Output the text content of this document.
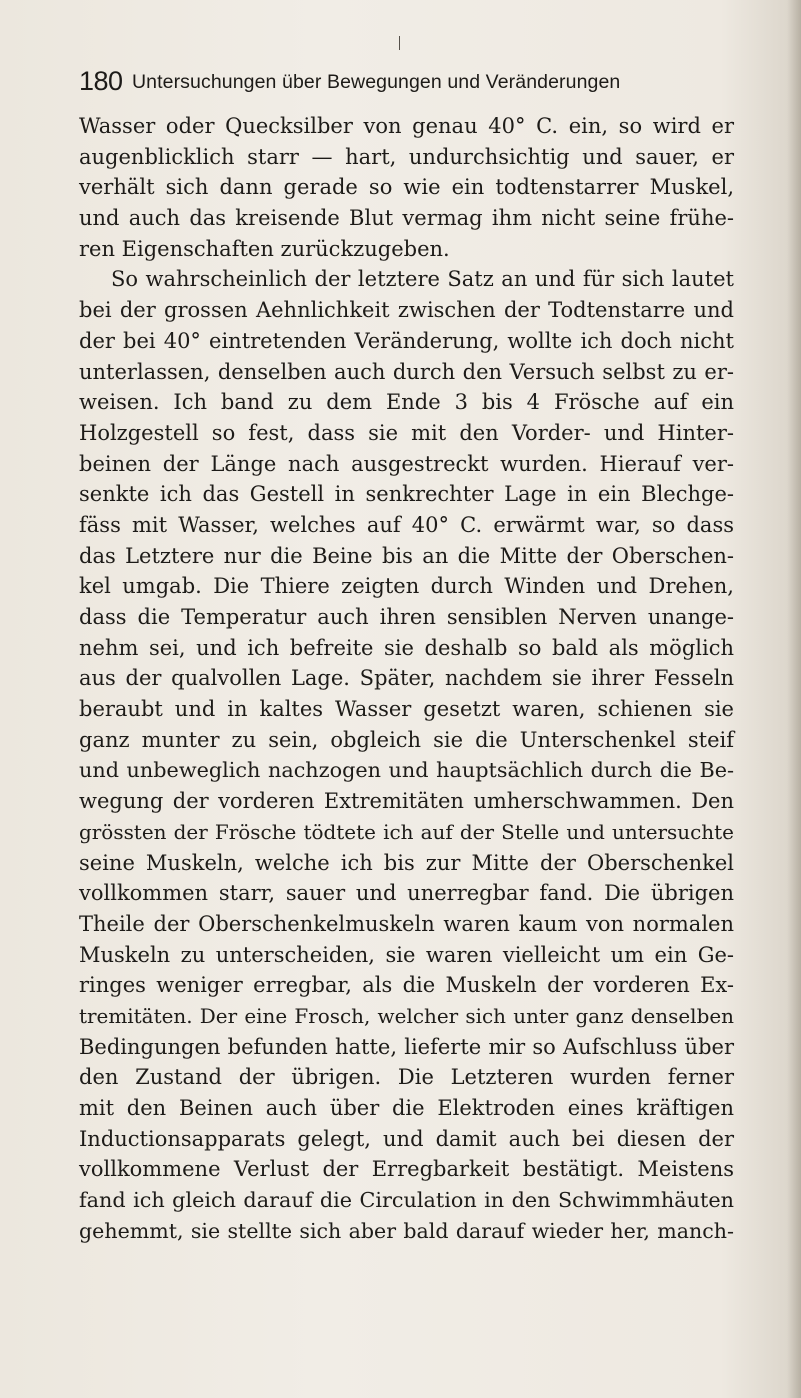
180 Untersuchungen über Bewegungen und Veränderungen
Wasser oder Quecksilber von genau 40° C. ein, so wird er
augenblicklich starr — hart, undurchsichtig und sauer, er
verhält sich dann gerade so wie ein todtenstarrer Muskel,
und auch das kreisende Blut vermag ihm nicht seine frühe-
ren Eigenschaften zurückzugeben.
So wahrscheinlich der letztere Satz an und für sich lautet
bei der grossen Aehnlichkeit zwischen der Todtenstarre und
der bei 40° eintretenden Veränderung, wollte ich doch nicht
unterlassen, denselben auch durch den Versuch selbst zu er-
weisen. Ich band zu dem Ende 3 bis 4 Frösche auf ein
Holzgestell so fest, dass sie mit den Vorder- und Hinter-
beinen der Länge nach ausgestreckt wurden. Hierauf ver-
senkte ich das Gestell in senkrechter Lage in ein Blechge-
fäss mit Wasser, welches auf 40° C. erwärmt war, so dass
das Letztere nur die Beine bis an die Mitte der Oberschen-
kel umgab. Die Thiere zeigten durch Winden und Drehen,
dass die Temperatur auch ihren sensiblen Nerven unange-
nehm sei, und ich befreite sie deshalb so bald als möglich
aus der qualvollen Lage. Später, nachdem sie ihrer Fesseln
beraubt und in kaltes Wasser gesetzt waren, schienen sie
ganz munter zu sein, obgleich sie die Unterschenkel steif
und unbeweglich nachzogen und hauptsächlich durch die Be-
wegung der vorderen Extremitäten umherschwammen. Den
grössten der Frösche tödtete ich auf der Stelle und untersuchte
seine Muskeln, welche ich bis zur Mitte der Oberschenkel
vollkommen starr, sauer und unerregbar fand. Die übrigen
Theile der Oberschenkelmuskeln waren kaum von normalen
Muskeln zu unterscheiden, sie waren vielleicht um ein Ge-
ringes weniger erregbar, als die Muskeln der vorderen Ex-
tremitäten. Der eine Frosch, welcher sich unter ganz denselben
Bedingungen befunden hatte, lieferte mir so Aufschluss über
den Zustand der übrigen. Die Letzteren wurden ferner
mit den Beinen auch über die Elektroden eines kräftigen
Inductionsapparats gelegt, und damit auch bei diesen der
vollkommene Verlust der Erregbarkeit bestätigt. Meistens
fand ich gleich darauf die Circulation in den Schwimmhäuten
gehemmt, sie stellte sich aber bald darauf wieder her, manch-
